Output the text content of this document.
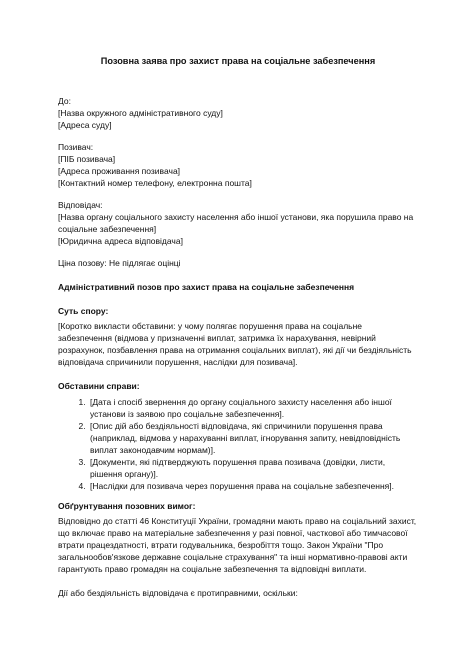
Позовна заява про захист права на соціальне забезпечення
До:
[Назва окружного адміністративного суду]
[Адреса суду]
Позивач:
[ПІБ позивача]
[Адреса проживання позивача]
[Контактний номер телефону, електронна пошта]
Відповідач:
[Назва органу соціального захисту населення або іншої установи, яка порушила право на соціальне забезпечення]
[Юридична адреса відповідача]
Ціна позову: Не підлягає оцінці
Адміністративний позов про захист права на соціальне забезпечення
Суть спору:
[Коротко викласти обставини: у чому полягає порушення права на соціальне забезпечення (відмова у призначенні виплат, затримка їх нарахування, невірний розрахунок, позбавлення права на отримання соціальних виплат), які дії чи бездіяльність відповідача спричинили порушення, наслідки для позивача].
Обставини справи:
1. [Дата і спосіб звернення до органу соціального захисту населення або іншої установи із заявою про соціальне забезпечення].
2. [Опис дій або бездіяльності відповідача, які спричинили порушення права (наприклад, відмова у нарахуванні виплат, ігнорування запиту, невідповідність виплат законодавчим нормам)].
3. [Документи, які підтверджують порушення права позивача (довідки, листи, рішення органу)].
4. [Наслідки для позивача через порушення права на соціальне забезпечення].
Обґрунтування позовних вимог:
Відповідно до статті 46 Конституції України, громадяни мають право на соціальний захист, що включає право на матеріальне забезпечення у разі повної, часткової або тимчасової втрати працездатності, втрати годувальника, безробіття тощо. Закон України "Про загальнообов'язкове державне соціальне страхування" та інші нормативно-правові акти гарантують право громадян на соціальне забезпечення та відповідні виплати.
Дії або бездіяльність відповідача є протиправними, оскільки:
